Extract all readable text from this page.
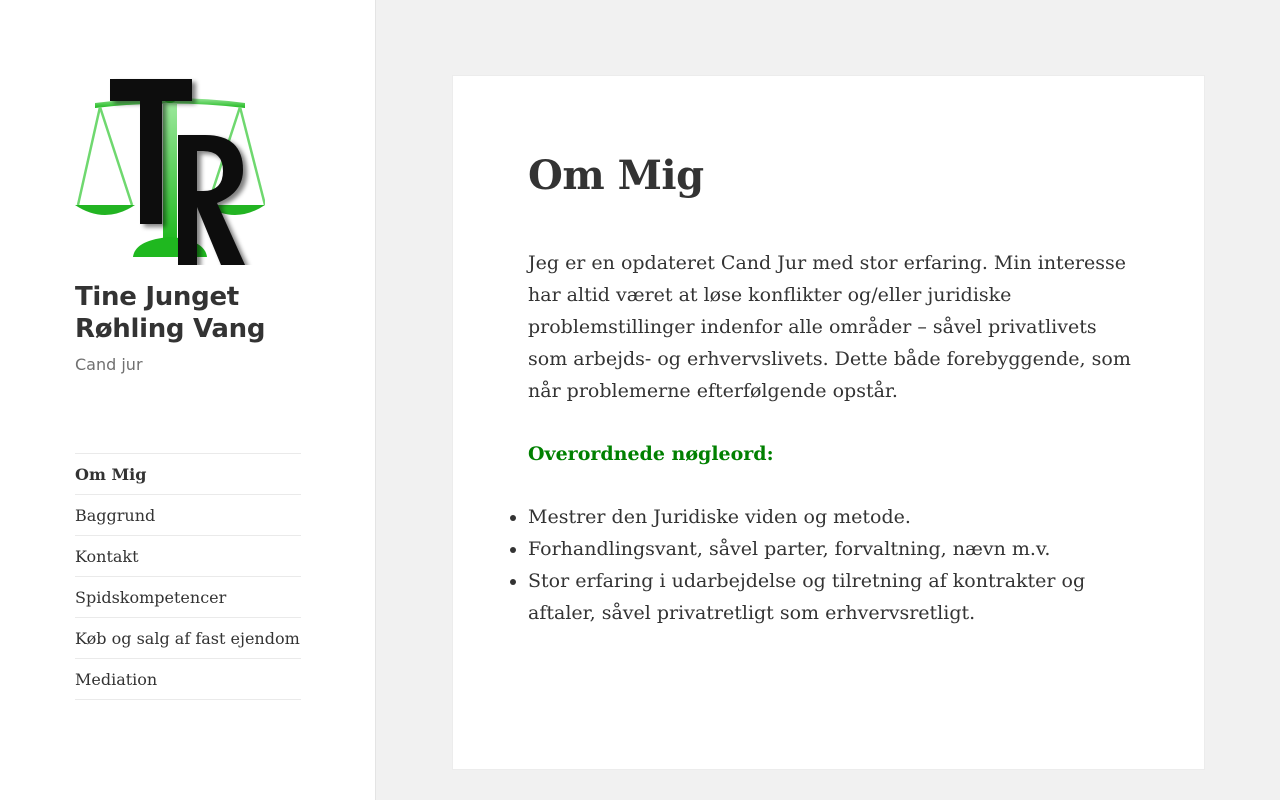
Tine Junget Røhling Vang
Cand jur
Om Mig
Baggrund
Kontakt
Spidskompetencer
Køb og salg af fast ejendom
Mediation
Om Mig

Jeg er en opdateret Cand Jur med stor erfaring. Min interesse har altid været at løse konflikter og/eller juridiske problemstillinger indenfor alle områder – såvel privatlivets som arbejds- og erhvervslivets. Dette både forebyggende, som når problemerne efterfølgende opstår.

Overordnede nøgleord:

• Mestrer den Juridiske viden og metode.
• Forhandlingsvant, såvel parter, forvaltning, nævn m.v.
• Stor erfaring i udarbejdelse og tilretning af kontrakter og aftaler, såvel privatretligt som erhvervsretligt.
